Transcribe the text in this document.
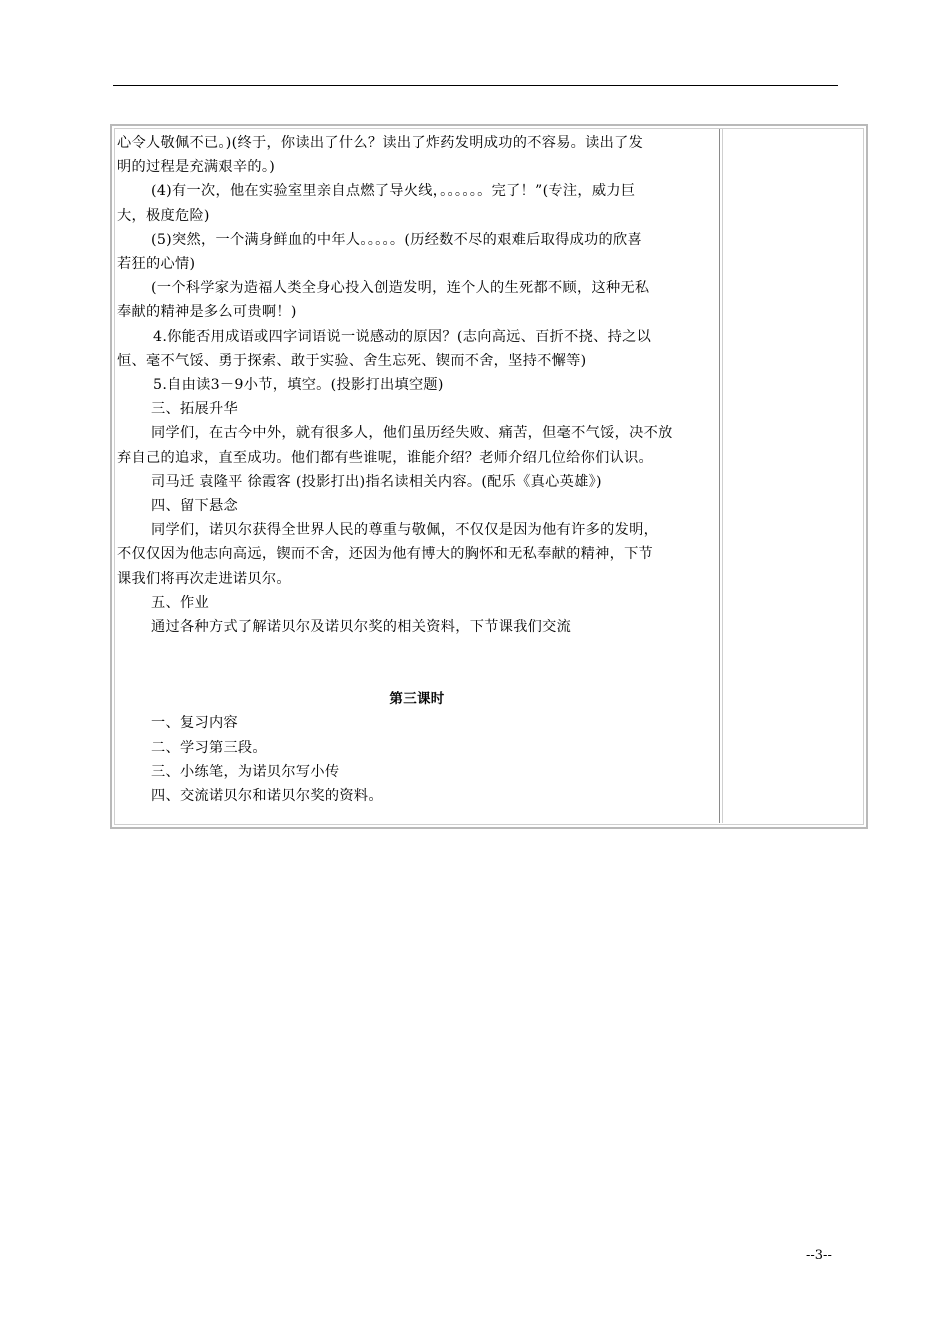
心令人敬佩不已。)(终于，你读出了什么？读出了炸药发明成功的不容易。读出了发

明的过程是充满艰辛的。)

(4)有一次，他在实验室里亲自点燃了导火线，。。。。。。完了！”(专注，威力巨

大，极度危险)

(5)突然，一个满身鲜血的中年人。。。。。(历经数不尽的艰难后取得成功的欣喜

若狂的心情)

(一个科学家为造福人类全身心投入创造发明，连个人的生死都不顾，这种无私

奉献的精神是多么可贵啊！)

4.你能否用成语或四字词语说一说感动的原因？(志向高远、百折不挠、持之以

恒、毫不气馁、勇于探索、敢于实验、舍生忘死、锲而不舍，坚持不懈等)

5.自由读3－9小节，填空。(投影打出填空题)

三、拓展升华

同学们，在古今中外，就有很多人，他们虽历经失败、痛苦，但毫不气馁，决不放

弃自己的追求，直至成功。他们都有些谁呢，谁能介绍？老师介绍几位给你们认识。

司马迁 袁隆平 徐霞客 (投影打出)指名读相关内容。(配乐《真心英雄》)

四、留下悬念

同学们，诺贝尔获得全世界人民的尊重与敬佩，不仅仅是因为他有许多的发明，

不仅仅因为他志向高远，锲而不舍，还因为他有博大的胸怀和无私奉献的精神，下节

课我们将再次走进诺贝尔。

五、作业

通过各种方式了解诺贝尔及诺贝尔奖的相关资料，下节课我们交流

第三课时

一、复习内容

二、学习第三段。

三、小练笔，为诺贝尔写小传

四、交流诺贝尔和诺贝尔奖的资料。

--3--
